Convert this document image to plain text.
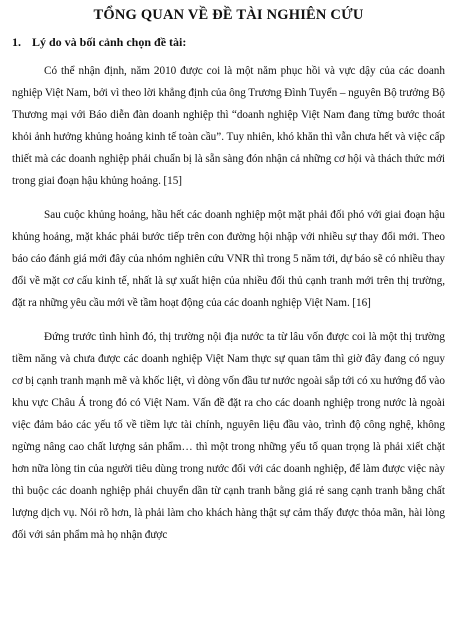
TỔNG QUAN VỀ ĐỀ TÀI NGHIÊN CỨU
1. Lý do và bối cảnh chọn đề tài:

Có thể nhận định, năm 2010 được coi là một năm phục hồi và vực dậy của các doanh nghiệp Việt Nam, bởi vì theo lời khẳng định của ông Trương Đình Tuyển – nguyên Bộ trưởng Bộ Thương mại với Báo diễn đàn doanh nghiệp thì “doanh nghiệp Việt Nam đang từng bước thoát khỏi ảnh hưởng khủng hoảng kinh tế toàn cầu”. Tuy nhiên, khó khăn thì vẫn chưa hết và việc cấp thiết mà các doanh nghiệp phải chuẩn bị là sẵn sàng đón nhận cả những cơ hội và thách thức mới trong giai đoạn hậu khủng hoảng. [15]

Sau cuộc khủng hoảng, hầu hết các doanh nghiệp một mặt phải đối phó với giai đoạn hậu khủng hoảng, mặt khác phải bước tiếp trên con đường hội nhập với nhiều sự thay đổi mới. Theo báo cáo đánh giá mới đây của nhóm nghiên cứu VNR thì trong 5 năm tới, dự báo sẽ có nhiều thay đổi về mặt cơ cấu kinh tế, nhất là sự xuất hiện của nhiều đối thủ cạnh tranh mới trên thị trường, đặt ra những yêu cầu mới về tầm hoạt động của các doanh nghiệp Việt Nam. [16]

Đứng trước tình hình đó, thị trường nội địa nước ta từ lâu vốn được coi là một thị trường tiềm năng và chưa được các doanh nghiệp Việt Nam thực sự quan tâm thì giờ đây đang có nguy cơ bị cạnh tranh mạnh mẽ và khốc liệt, vì dòng vốn đầu tư nước ngoài sắp tới có xu hướng đổ vào khu vực Châu Á trong đó có Việt Nam. Vấn đề đặt ra cho các doanh nghiệp trong nước là ngoài việc đảm bảo các yếu tố về tiềm lực tài chính, nguyên liệu đầu vào, trình độ công nghệ, không ngừng nâng cao chất lượng sản phẩm… thì một trong những yếu tố quan trọng là phải xiết chặt hơn nữa lòng tin của người tiêu dùng trong nước đối với các doanh nghiệp, để làm được việc này thì buộc các doanh nghiệp phải chuyển dần từ cạnh tranh bằng giá rẻ sang cạnh tranh bằng chất lượng dịch vụ. Nói rõ hơn, là phải làm cho khách hàng thật sự cảm thấy được thỏa mãn, hài lòng đối với sản phẩm mà họ nhận được
